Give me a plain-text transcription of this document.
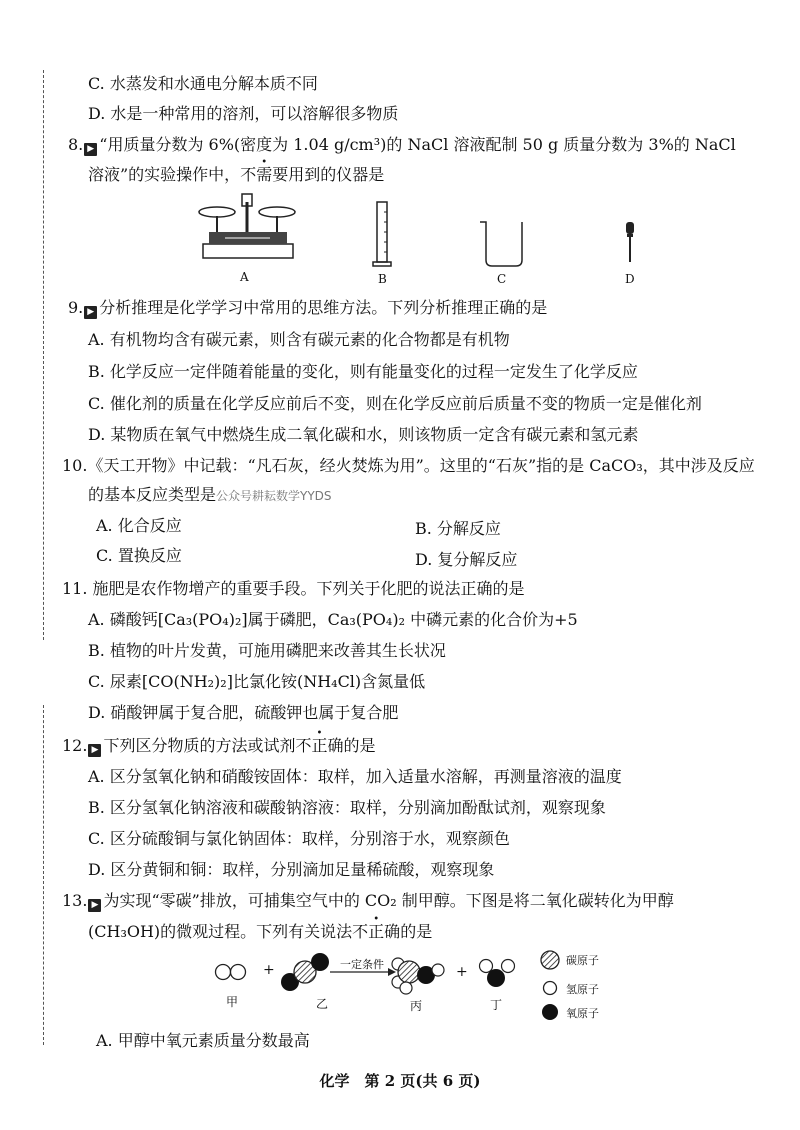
C. 水蒸发和水通电分解本质不同
D. 水是一种常用的溶剂，可以溶解很多物质
8. ▶ “用质量分数为 6%(密度为 1.04 g/cm³)的 NaCl 溶液配制 50 g 质量分数为 3%的 NaCl
溶液”的实验操作中，不需要用到的仪器是
A	B	C	D
9. ▶ 分析推理是化学学习中常用的思维方法。下列分析推理正确的是
A. 有机物均含有碳元素，则含有碳元素的化合物都是有机物
B. 化学反应一定伴随着能量的变化，则有能量变化的过程一定发生了化学反应
C. 催化剂的质量在化学反应前后不变，则在化学反应前后质量不变的物质一定是催化剂
D. 某物质在氧气中燃烧生成二氧化碳和水，则该物质一定含有碳元素和氢元素
10.《天工开物》中记载：“凡石灰，经火焚炼为用”。这里的“石灰”指的是 CaCO₃，其中涉及反应
的基本反应类型是公众号耕耘数学YYDS
A. 化合反应	B. 分解反应
C. 置换反应	D. 复分解反应
11. 施肥是农作物增产的重要手段。下列关于化肥的说法正确的是
A. 磷酸钙[Ca₃(PO₄)₂]属于磷肥，Ca₃(PO₄)₂ 中磷元素的化合价为+5
B. 植物的叶片发黄，可施用磷肥来改善其生长状况
C. 尿素[CO(NH₂)₂]比氯化铵(NH₄Cl)含氮量低
D. 硝酸钾属于复合肥，硫酸钾也属于复合肥
12. ▶ 下列区分物质的方法或试剂不正确的是
A. 区分氢氧化钠和硝酸铵固体：取样，加入适量水溶解，再测量溶液的温度
B. 区分氢氧化钠溶液和碳酸钠溶液：取样，分别滴加酚酞试剂，观察现象
C. 区分硫酸铜与氯化钠固体：取样，分别溶于水，观察颜色
D. 区分黄铜和铜：取样，分别滴加足量稀硫酸，观察现象
13. ▶ 为实现“零碳”排放，可捕集空气中的 CO₂ 制甲醇。下图是将二氧化碳转化为甲醇
(CH₃OH)的微观过程。下列有关说法不正确的是
一定条件
+	+
甲	乙	丙	丁
碳原子
氢原子
氧原子
A. 甲醇中氧元素质量分数最高
化学　第 2 页(共 6 页)
